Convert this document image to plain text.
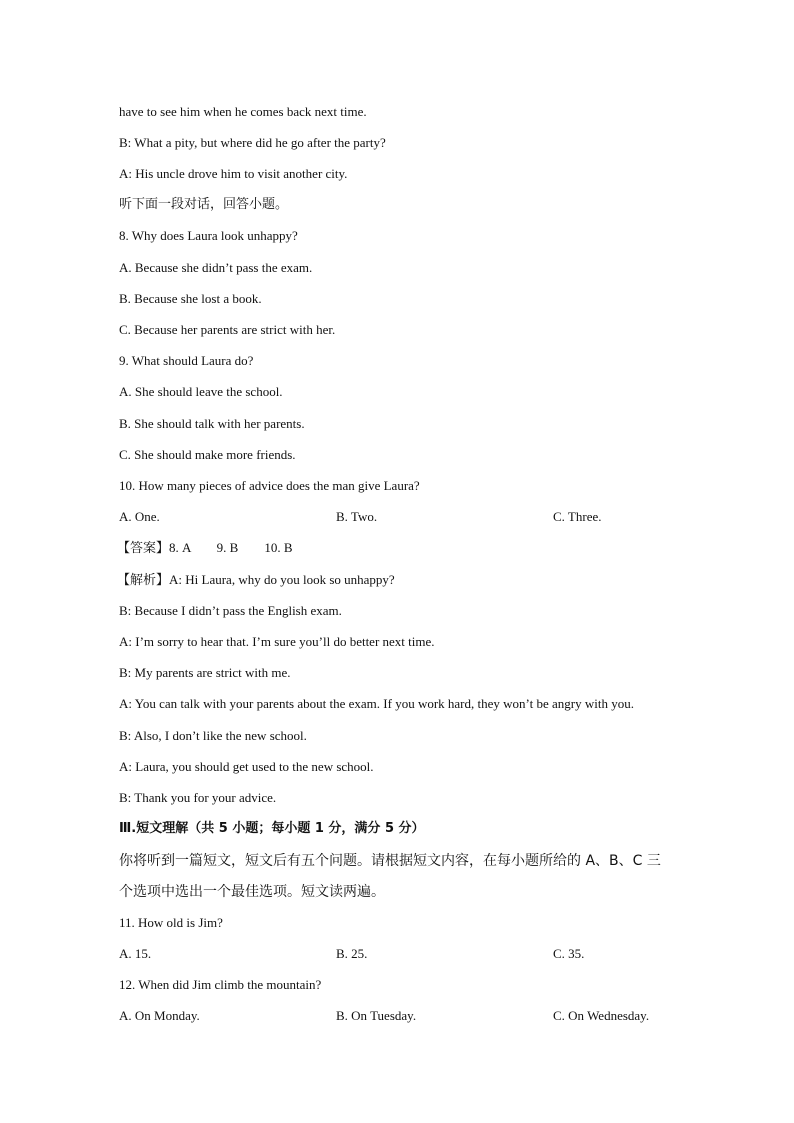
have to see him when he comes back next time.
B: What a pity, but where did he go after the party?
A: His uncle drove him to visit another city.
听下面一段对话，回答小题。
8. Why does Laura look unhappy?
A. Because she didn’t pass the exam.
B. Because she lost a book.
C. Because her parents are strict with her.
9. What should Laura do?
A. She should leave the school.
B. She should talk with her parents.
C. She should make more friends.
10. How many pieces of advice does the man give Laura?
A. One.	B. Two.	C. Three.
【答案】8. A        9. B        10. B
【解析】A: Hi Laura, why do you look so unhappy?
B: Because I didn’t pass the English exam.
A: I’m sorry to hear that. I’m sure you’ll do better next time.
B: My parents are strict with me.
A: You can talk with your parents about the exam. If you work hard, they won’t be angry with you.
B: Also, I don’t like the new school.
A: Laura, you should get used to the new school.
B: Thank you for your advice.
Ⅲ.短文理解（共 5 小题；每小题 1 分，满分 5 分）
你将听到一篇短文，短文后有五个问题。请根据短文内容，在每小题所给的 A、B、C 三
个选项中选出一个最佳选项。短文读两遍。
11. How old is Jim?
A. 15.	B. 25.	C. 35.
12. When did Jim climb the mountain?
A. On Monday.	B. On Tuesday.	C. On Wednesday.
